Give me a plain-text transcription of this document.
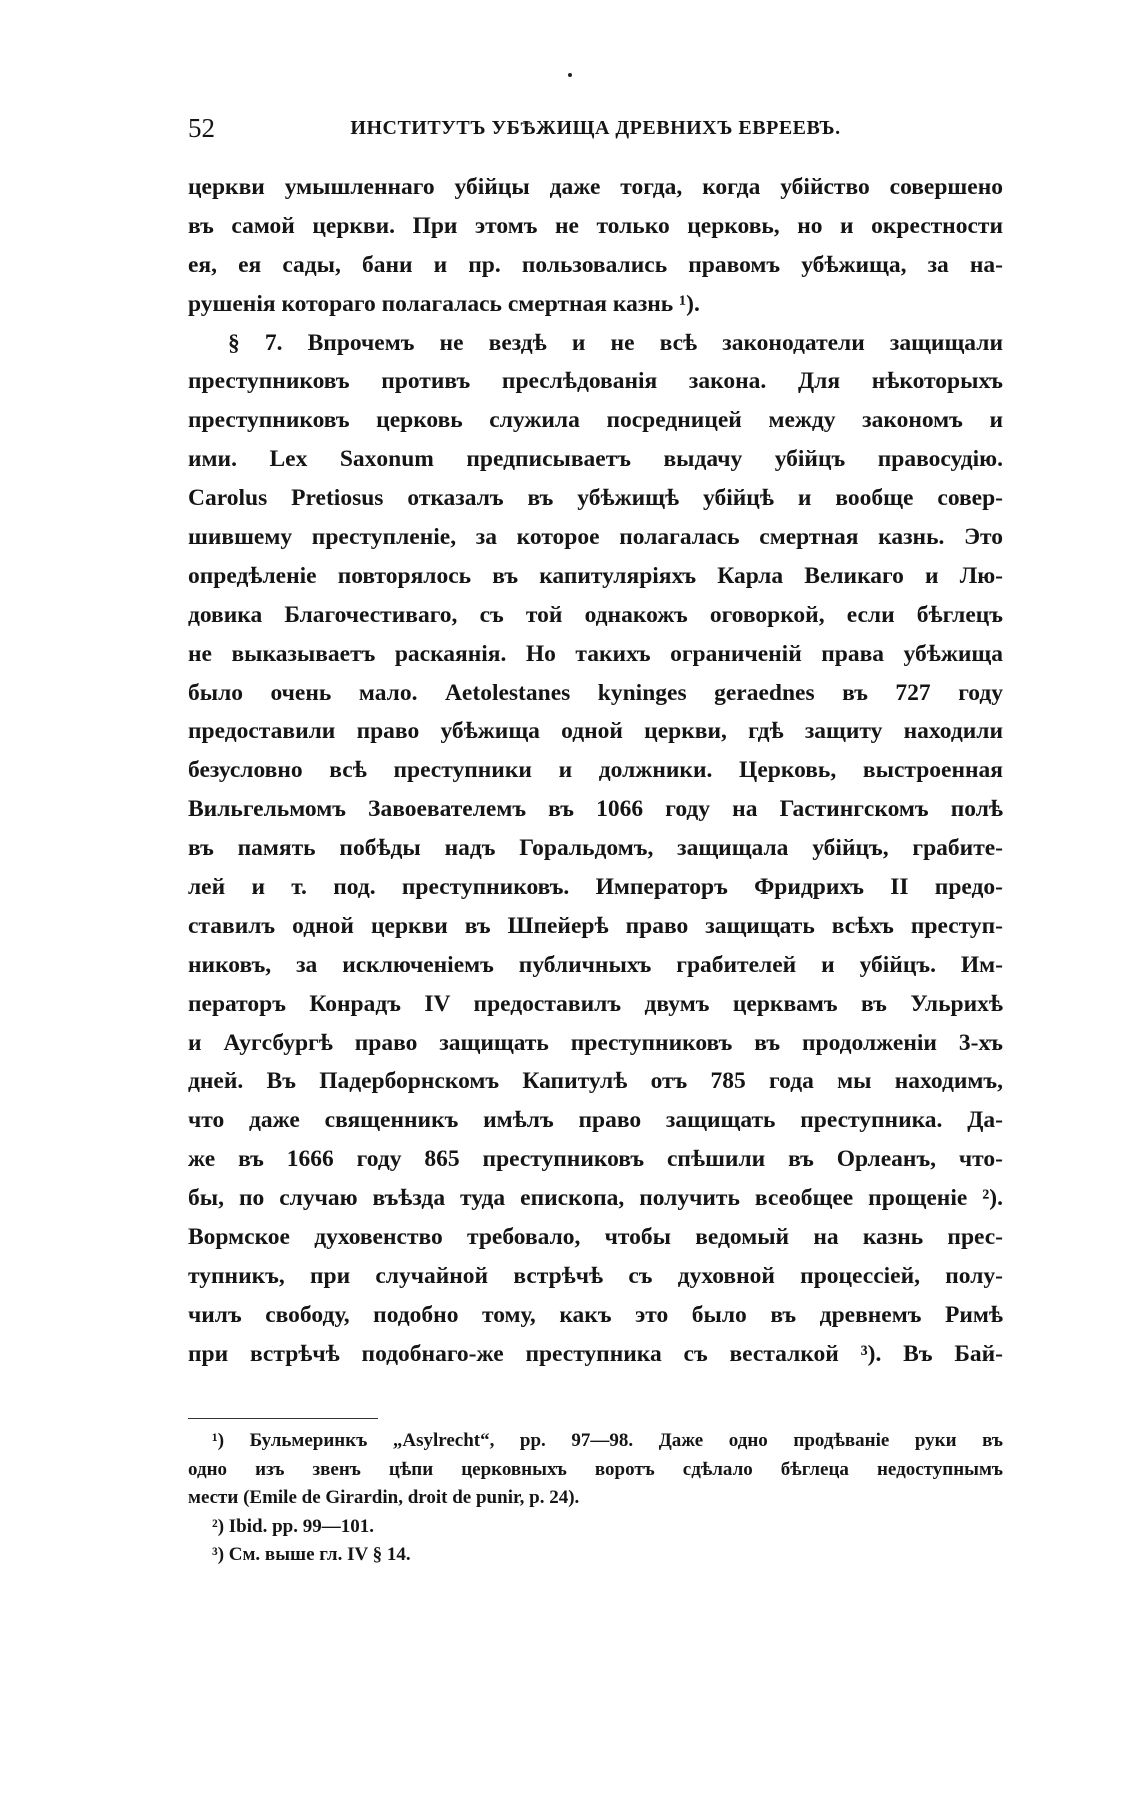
52	ИНСТИТУТЪ УБѢЖИЩА ДРЕВНИХЪ ЕВРЕЕВЪ.
церкви умышленнаго убійцы даже тогда, когда убійство совершено
въ самой церкви. При этомъ не только церковь, но и окрестности
ея, ея сады, бани и пр. пользовались правомъ убѣжища, за на-
рушенія котораго полагалась смертная казнь ¹).
§ 7. Впрочемъ не вездѣ и не всѣ законодатели защищали
преступниковъ противъ преслѣдованія закона. Для нѣкоторыхъ
преступниковъ церковь служила посредницей между закономъ и
ими. Lex Saxonum предписываетъ выдачу убійцъ правосудію.
Carolus Pretiosus отказалъ въ убѣжищѣ убійцѣ и вообще совер-
шившему преступленіе, за которое полагалась смертная казнь. Это
опредѣленіе повторялось въ капитуляріяхъ Карла Великаго и Лю-
довика Благочестиваго, съ той однакожъ оговоркой, если бѣглецъ
не выказываетъ раскаянія. Но такихъ ограниченій права убѣжища
было очень мало. Aetolestanes kyninges geraednes въ 727 году
предоставили право убѣжища одной церкви, гдѣ защиту находили
безусловно всѣ преступники и должники. Церковь, выстроенная
Вильгельмомъ Завоевателемъ въ 1066 году на Гастингскомъ полѣ
въ память побѣды надъ Горальдомъ, защищала убійцъ, грабите-
лей и т. под. преступниковъ. Императоръ Фридрихъ II предо-
ставилъ одной церкви въ Шпейерѣ право защищать всѣхъ преступ-
никовъ, за исключеніемъ публичныхъ грабителей и убійцъ. Им-
ператоръ Конрадъ IV предоставилъ двумъ церквамъ въ Ульрихѣ
и Аугсбургѣ право защищать преступниковъ въ продолженіи 3-хъ
дней. Въ Падерборнскомъ Капитулѣ отъ 785 года мы находимъ,
что даже священникъ имѣлъ право защищать преступника. Да-
же въ 1666 году 865 преступниковъ спѣшили въ Орлеанъ, что-
бы, по случаю въѣзда туда епископа, получить всеобщее прощеніе ²).
Вормское духовенство требовало, чтобы ведомый на казнь прес-
тупникъ, при случайной встрѣчѣ съ духовной процессіей, полу-
чилъ свободу, подобно тому, какъ это было въ древнемъ Римѣ
при встрѣчѣ подобнаго-же преступника съ весталкой ³). Въ Бай-
¹) Бульмеринкъ „Asylrecht“, pp. 97—98. Даже одно продѣваніе руки въ
одно изъ звенъ цѣпи церковныхъ воротъ сдѣлало бѣглеца недоступнымъ
мести (Emile de Girardin, droit de punir, p. 24).
²) Ibid. pp. 99—101.
³) См. выше гл. IV § 14.
